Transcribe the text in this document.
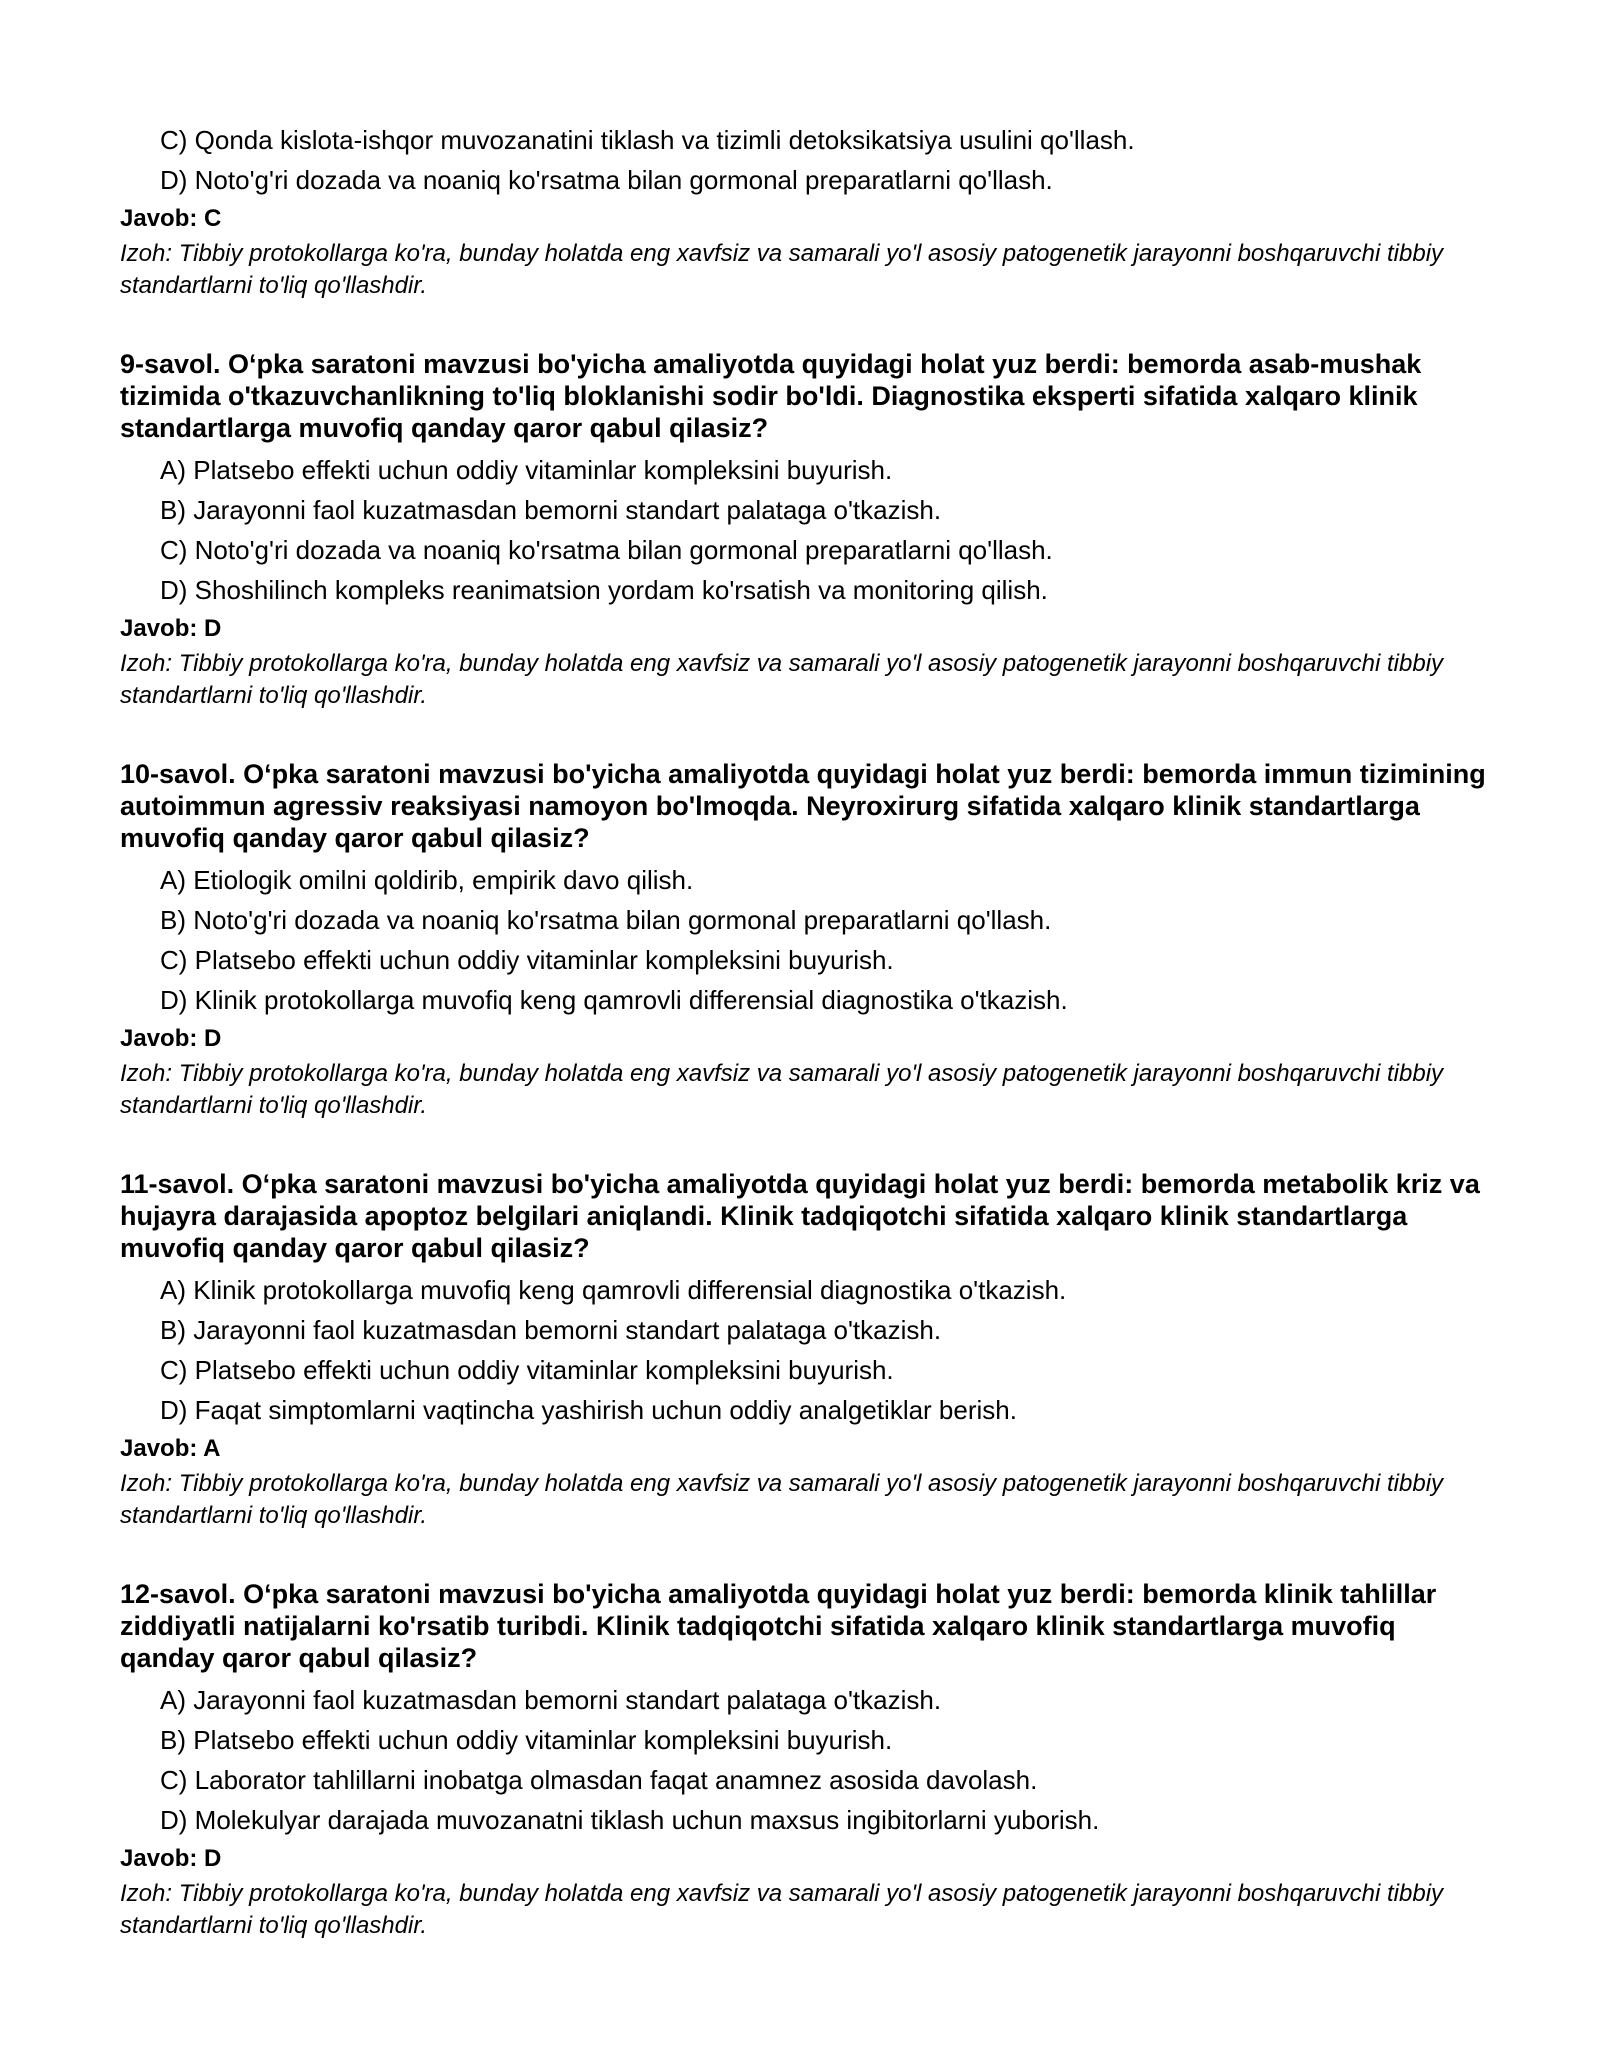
C) Qonda kislota-ishqor muvozanatini tiklash va tizimli detoksikatsiya usulini qo'llash.
D) Noto'g'ri dozada va noaniq ko'rsatma bilan gormonal preparatlarni qo'llash.
Javob: C
Izoh: Tibbiy protokollarga ko'ra, bunday holatda eng xavfsiz va samarali yo'l asosiy patogenetik jarayonni boshqaruvchi tibbiy standartlarni to'liq qo'llashdir.
9-savol. O‘pka saratoni mavzusi bo'yicha amaliyotda quyidagi holat yuz berdi: bemorda asab-mushak tizimida o'tkazuvchanlikning to'liq bloklanishi sodir bo'ldi. Diagnostika eksperti sifatida xalqaro klinik standartlarga muvofiq qanday qaror qabul qilasiz?
A) Platsebo effekti uchun oddiy vitaminlar kompleksini buyurish.
B) Jarayonni faol kuzatmasdan bemorni standart palataga o'tkazish.
C) Noto'g'ri dozada va noaniq ko'rsatma bilan gormonal preparatlarni qo'llash.
D) Shoshilinch kompleks reanimatsion yordam ko'rsatish va monitoring qilish.
Javob: D
Izoh: Tibbiy protokollarga ko'ra, bunday holatda eng xavfsiz va samarali yo'l asosiy patogenetik jarayonni boshqaruvchi tibbiy standartlarni to'liq qo'llashdir.
10-savol. O‘pka saratoni mavzusi bo'yicha amaliyotda quyidagi holat yuz berdi: bemorda immun tizimining autoimmun agressiv reaksiyasi namoyon bo'lmoqda. Neyroxirurg sifatida xalqaro klinik standartlarga muvofiq qanday qaror qabul qilasiz?
A) Etiologik omilni qoldirib, empirik davo qilish.
B) Noto'g'ri dozada va noaniq ko'rsatma bilan gormonal preparatlarni qo'llash.
C) Platsebo effekti uchun oddiy vitaminlar kompleksini buyurish.
D) Klinik protokollarga muvofiq keng qamrovli differensial diagnostika o'tkazish.
Javob: D
Izoh: Tibbiy protokollarga ko'ra, bunday holatda eng xavfsiz va samarali yo'l asosiy patogenetik jarayonni boshqaruvchi tibbiy standartlarni to'liq qo'llashdir.
11-savol. O‘pka saratoni mavzusi bo'yicha amaliyotda quyidagi holat yuz berdi: bemorda metabolik kriz va hujayra darajasida apoptoz belgilari aniqlandi. Klinik tadqiqotchi sifatida xalqaro klinik standartlarga muvofiq qanday qaror qabul qilasiz?
A) Klinik protokollarga muvofiq keng qamrovli differensial diagnostika o'tkazish.
B) Jarayonni faol kuzatmasdan bemorni standart palataga o'tkazish.
C) Platsebo effekti uchun oddiy vitaminlar kompleksini buyurish.
D) Faqat simptomlarni vaqtincha yashirish uchun oddiy analgetiklar berish.
Javob: A
Izoh: Tibbiy protokollarga ko'ra, bunday holatda eng xavfsiz va samarali yo'l asosiy patogenetik jarayonni boshqaruvchi tibbiy standartlarni to'liq qo'llashdir.
12-savol. O‘pka saratoni mavzusi bo'yicha amaliyotda quyidagi holat yuz berdi: bemorda klinik tahlillar ziddiyatli natijalarni ko'rsatib turibdi. Klinik tadqiqotchi sifatida xalqaro klinik standartlarga muvofiq qanday qaror qabul qilasiz?
A) Jarayonni faol kuzatmasdan bemorni standart palataga o'tkazish.
B) Platsebo effekti uchun oddiy vitaminlar kompleksini buyurish.
C) Laborator tahlillarni inobatga olmasdan faqat anamnez asosida davolash.
D) Molekulyar darajada muvozanatni tiklash uchun maxsus ingibitorlarni yuborish.
Javob: D
Izoh: Tibbiy protokollarga ko'ra, bunday holatda eng xavfsiz va samarali yo'l asosiy patogenetik jarayonni boshqaruvchi tibbiy standartlarni to'liq qo'llashdir.
